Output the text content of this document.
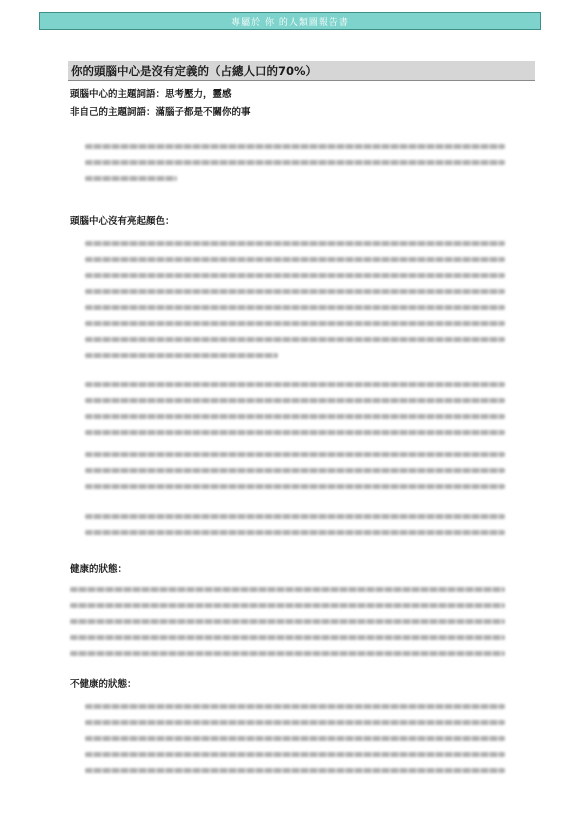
專屬於 你 的人類圖報告書
你的頭腦中心是沒有定義的（占總人口的70%）
頭腦中心的主題詞語：思考壓力，靈感
非自己的主題詞語：滿腦子都是不關你的事
頭腦中心沒有亮起顏色：
健康的狀態：
不健康的狀態：
